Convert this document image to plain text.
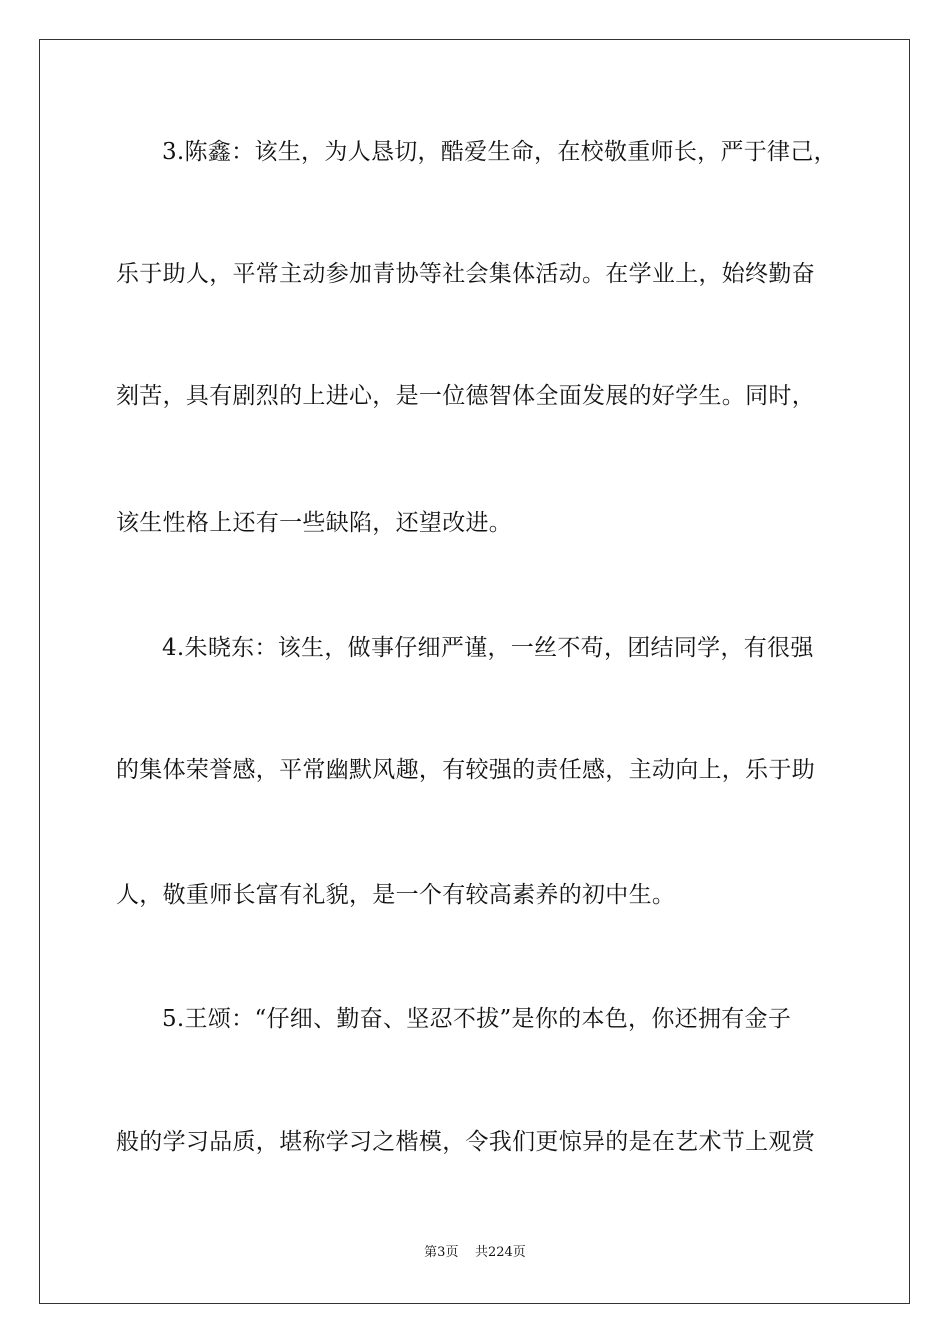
3.陈鑫：该生，为人恳切，酷爱生命，在校敬重师长，严于律己，
乐于助人，平常主动参加青协等社会集体活动。在学业上，始终勤奋
刻苦，具有剧烈的上进心，是一位德智体全面发展的好学生。同时，
该生性格上还有一些缺陷，还望改进。
4.朱晓东：该生，做事仔细严谨，一丝不苟，团结同学，有很强
的集体荣誉感，平常幽默风趣，有较强的责任感，主动向上，乐于助
人，敬重师长富有礼貌，是一个有较高素养的初中生。
5.王颂：“仔细、勤奋、坚忍不拔”是你的本色，你还拥有金子
般的学习品质，堪称学习之楷模，令我们更惊异的是在艺术节上观赏
第3页 共224页
